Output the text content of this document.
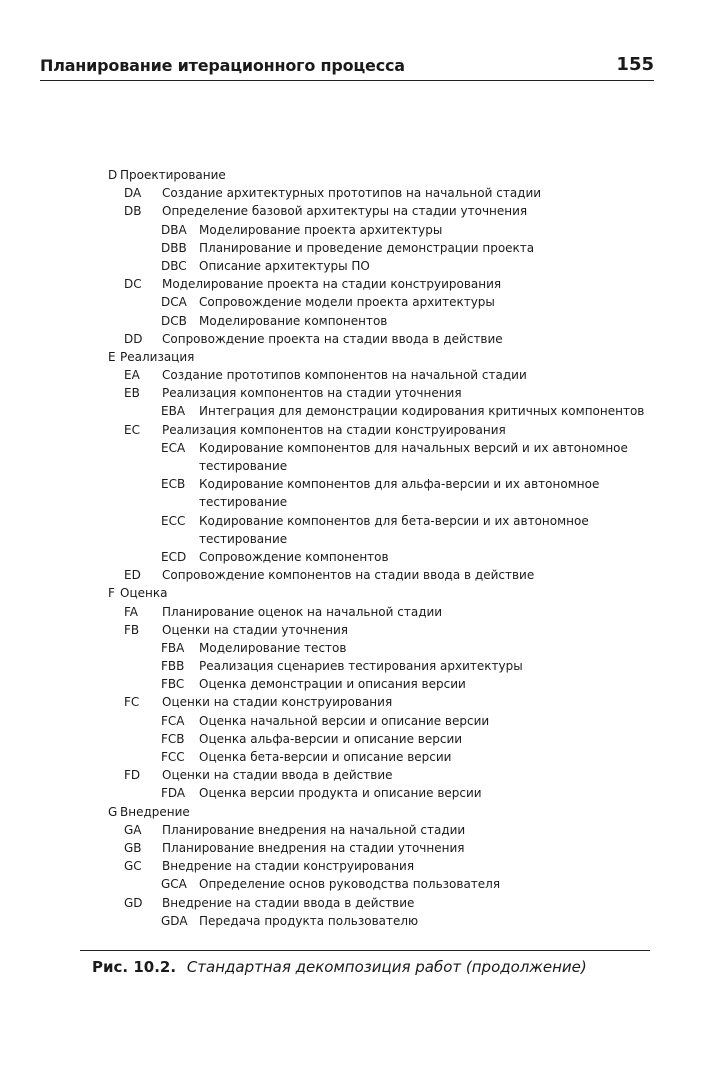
Планирование итерационного процесса	155
D Проектирование
DA Создание архитектурных прототипов на начальной стадии
DB Определение базовой архитектуры на стадии уточнения
DBA Моделирование проекта архитектуры
DBB Планирование и проведение демонстрации проекта
DBC Описание архитектуры ПО
DC Моделирование проекта на стадии конструирования
DCA Сопровождение модели проекта архитектуры
DCB Моделирование компонентов
DD Сопровождение проекта на стадии ввода в действие
E Реализация
EA Создание прототипов компонентов на начальной стадии
EB Реализация компонентов на стадии уточнения
EBA Интеграция для демонстрации кодирования критичных компонентов
EC Реализация компонентов на стадии конструирования
ECA Кодирование компонентов для начальных версий и их автономное тестирование
ECB Кодирование компонентов для альфа-версии и их автономное тестирование
ECC Кодирование компонентов для бета-версии и их автономное тестирование
ECD Сопровождение компонентов
ED Сопровождение компонентов на стадии ввода в действие
F Оценка
FA Планирование оценок на начальной стадии
FB Оценки на стадии уточнения
FBA Моделирование тестов
FBB Реализация сценариев тестирования архитектуры
FBC Оценка демонстрации и описания версии
FC Оценки на стадии конструирования
FCA Оценка начальной версии и описание версии
FCB Оценка альфа-версии и описание версии
FCC Оценка бета-версии и описание версии
FD Оценки на стадии ввода в действие
FDA Оценка версии продукта и описание версии
G Внедрение
GA Планирование внедрения на начальной стадии
GB Планирование внедрения на стадии уточнения
GC Внедрение на стадии конструирования
GCA Определение основ руководства пользователя
GD Внедрение на стадии ввода в действие
GDA Передача продукта пользователю
Рис. 10.2. Стандартная декомпозиция работ (продолжение)
